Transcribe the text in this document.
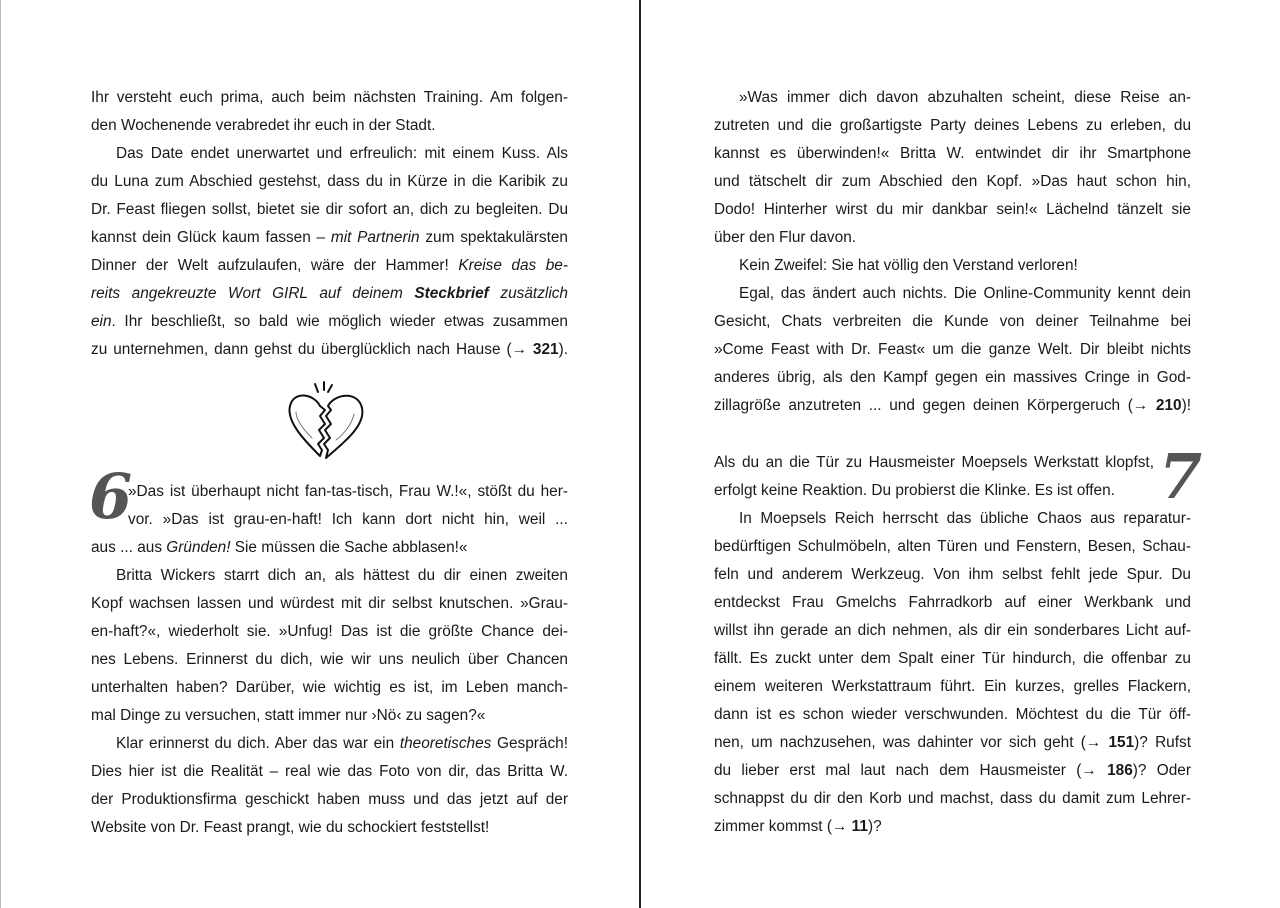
6
Ihr versteht euch prima, auch beim nächsten Training. Am folgen-
den Wochenende verabredet ihr euch in der Stadt.
Das Date endet unerwartet und erfreulich: mit einem Kuss. Als
du Luna zum Abschied gestehst, dass du in Kürze in die Karibik zu
Dr. Feast fliegen sollst, bietet sie dir sofort an, dich zu begleiten. Du
kannst dein Glück kaum fassen – mit Partnerin zum spektakulärsten
Dinner der Welt aufzulaufen, wäre der Hammer! Kreise das be-
reits angekreuzte Wort GIRL auf deinem Steckbrief zusätzlich
ein. Ihr beschließt, so bald wie möglich wieder etwas zusammen
zu unternehmen, dann gehst du überglücklich nach Hause (→ 321).
»Das ist überhaupt nicht fan-tas-tisch, Frau W.!«, stößt du her-
vor. »Das ist grau-en-haft! Ich kann dort nicht hin, weil ...
aus ... aus Gründen! Sie müssen die Sache abblasen!«
Britta Wickers starrt dich an, als hättest du dir einen zweiten
Kopf wachsen lassen und würdest mit dir selbst knutschen. »Grau-
en-haft?«, wiederholt sie. »Unfug! Das ist die größte Chance dei-
nes Lebens. Erinnerst du dich, wie wir uns neulich über Chancen
unterhalten haben? Darüber, wie wichtig es ist, im Leben manch-
mal Dinge zu versuchen, statt immer nur ›Nö‹ zu sagen?«
Klar erinnerst du dich. Aber das war ein theoretisches Gespräch!
Dies hier ist die Realität – real wie das Foto von dir, das Britta W.
der Produktionsfirma geschickt haben muss und das jetzt auf der
Website von Dr. Feast prangt, wie du schockiert feststellst!
7
»Was immer dich davon abzuhalten scheint, diese Reise an-
zutreten und die großartigste Party deines Lebens zu erleben, du
kannst es überwinden!« Britta W. entwindet dir ihr Smartphone
und tätschelt dir zum Abschied den Kopf. »Das haut schon hin,
Dodo! Hinterher wirst du mir dankbar sein!« Lächelnd tänzelt sie
über den Flur davon.
Kein Zweifel: Sie hat völlig den Verstand verloren!
Egal, das ändert auch nichts. Die Online-Community kennt dein
Gesicht, Chats verbreiten die Kunde von deiner Teilnahme bei
»Come Feast with Dr. Feast« um die ganze Welt. Dir bleibt nichts
anderes übrig, als den Kampf gegen ein massives Cringe in God-
zillagröße anzutreten ... und gegen deinen Körpergeruch (→ 210)!
Als du an die Tür zu Hausmeister Moepsels Werkstatt klopfst,
erfolgt keine Reaktion. Du probierst die Klinke. Es ist offen.
In Moepsels Reich herrscht das übliche Chaos aus reparatur-
bedürftigen Schulmöbeln, alten Türen und Fenstern, Besen, Schau-
feln und anderem Werkzeug. Von ihm selbst fehlt jede Spur. Du
entdeckst Frau Gmelchs Fahrradkorb auf einer Werkbank und
willst ihn gerade an dich nehmen, als dir ein sonderbares Licht auf-
fällt. Es zuckt unter dem Spalt einer Tür hindurch, die offenbar zu
einem weiteren Werkstattraum führt. Ein kurzes, grelles Flackern,
dann ist es schon wieder verschwunden. Möchtest du die Tür öff-
nen, um nachzusehen, was dahinter vor sich geht (→ 151)? Rufst
du lieber erst mal laut nach dem Hausmeister (→ 186)? Oder
schnappst du dir den Korb und machst, dass du damit zum Lehrer-
zimmer kommst (→ 11)?
